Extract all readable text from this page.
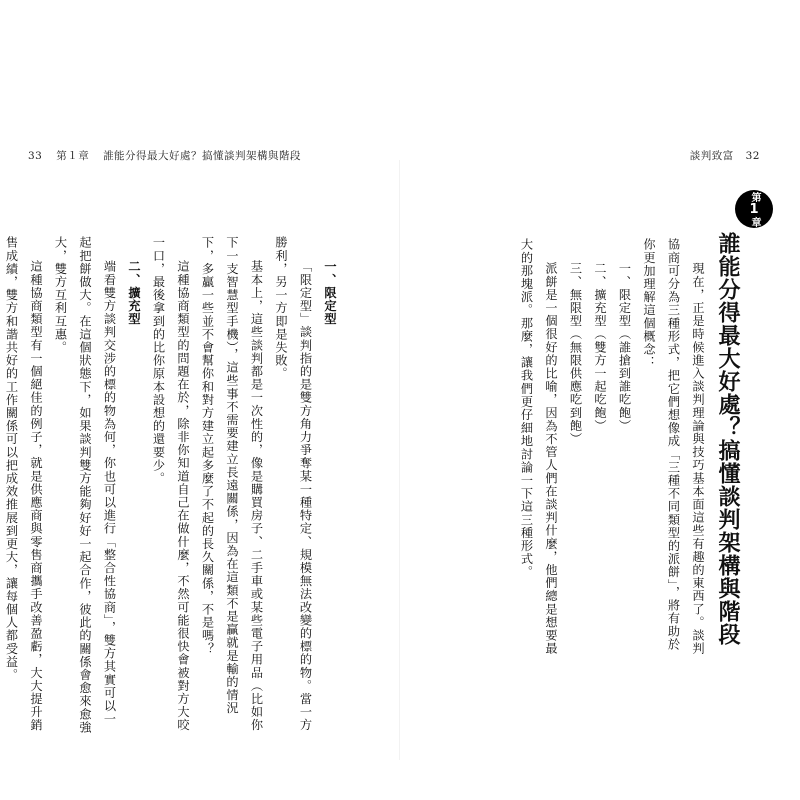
33 第１章 誰能分得最大好處？搞懂談判架構與階段	談判致富 32
第
1
章
誰能分得最大好處？搞懂談判架構與階段

現在，正是時候進入談判理論與技巧基本面這些有趣的東西了。談判協商可分為三種形式，把它們想像成「三種不同類型的派餅」，將有助於你更加理解這個概念：

一、限定型（誰搶到誰吃飽）

二、擴充型（雙方一起吃飽）

三、無限型（無限供應吃到飽）

派餅是一個很好的比喻，因為不管人們在談判什麼，他們總是想要最大的那塊派。那麼，讓我們更仔細地討論一下這三種形式。

一、限定型

「限定型」談判指的是雙方角力爭奪某一種特定、規模無法改變的標的物。當一方勝利，另一方即是失敗。

基本上，這些談判都是一次性的，像是購買房子、二手車或某些電子用品（比如你下一支智慧型手機），這些事不需要建立長遠關係，因為在這類不是贏就是輸的情況下，多贏一些並不會幫你和對方建立起多麼了不起的長久關係，不是嗎？

這種協商類型的問題在於，除非你知道自己在做什麼，不然可能很快會被對方大咬一口，最後拿到的比你原本設想的還要少。

二、擴充型

端看雙方談判交涉的標的物為何，你也可以進行「整合性協商」，雙方其實可以一起把餅做大。在這個狀態下，如果談判雙方能夠好好一起合作，彼此的關係會愈來愈強大，雙方互利互惠。

這種協商類型有一個絕佳的例子，就是供應商與零售商攜手改善盈虧，大大提升銷售成績，雙方和諧共好的工作關係可以把成效推展到更大，讓每個人都受益。
